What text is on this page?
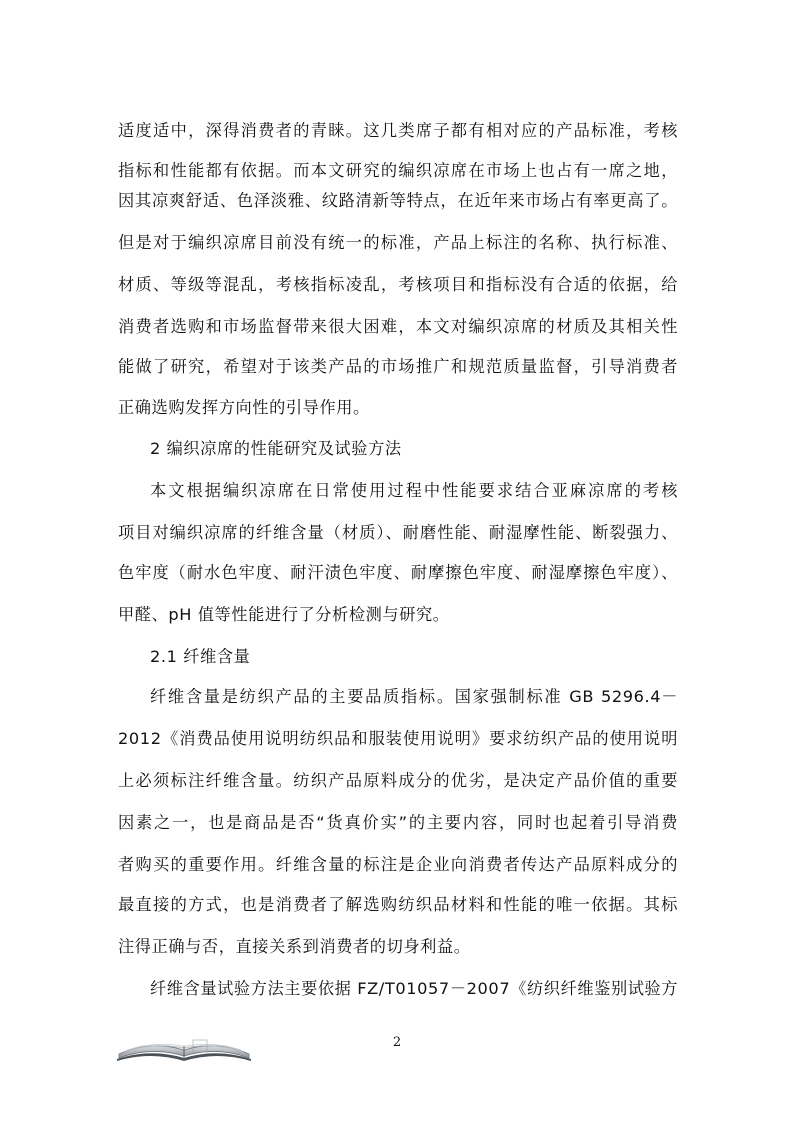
适度适中，深得消费者的青睐。这几类席子都有相对应的产品标准，考核
指标和性能都有依据。而本文研究的编织凉席在市场上也占有一席之地，
因其凉爽舒适、色泽淡雅、纹路清新等特点，在近年来市场占有率更高了。
但是对于编织凉席目前没有统一的标准，产品上标注的名称、执行标准、
材质、等级等混乱，考核指标凌乱，考核项目和指标没有合适的依据，给
消费者选购和市场监督带来很大困难，本文对编织凉席的材质及其相关性
能做了研究，希望对于该类产品的市场推广和规范质量监督，引导消费者
正确选购发挥方向性的引导作用。
2 编织凉席的性能研究及试验方法
本文根据编织凉席在日常使用过程中性能要求结合亚麻凉席的考核
项目对编织凉席的纤维含量（材质）、耐磨性能、耐湿摩性能、断裂强力、
色牢度（耐水色牢度、耐汗渍色牢度、耐摩擦色牢度、耐湿摩擦色牢度）、
甲醛、pH 值等性能进行了分析检测与研究。
2.1 纤维含量
纤维含量是纺织产品的主要品质指标。国家强制标准 GB 5296.4－
2012《消费品使用说明纺织品和服装使用说明》要求纺织产品的使用说明
上必须标注纤维含量。纺织产品原料成分的优劣，是决定产品价值的重要
因素之一，也是商品是否“货真价实”的主要内容，同时也起着引导消费
者购买的重要作用。纤维含量的标注是企业向消费者传达产品原料成分的
最直接的方式，也是消费者了解选购纺织品材料和性能的唯一依据。其标
注得正确与否，直接关系到消费者的切身利益。
纤维含量试验方法主要依据 FZ/T01057－2007《纺织纤维鉴别试验方
2
